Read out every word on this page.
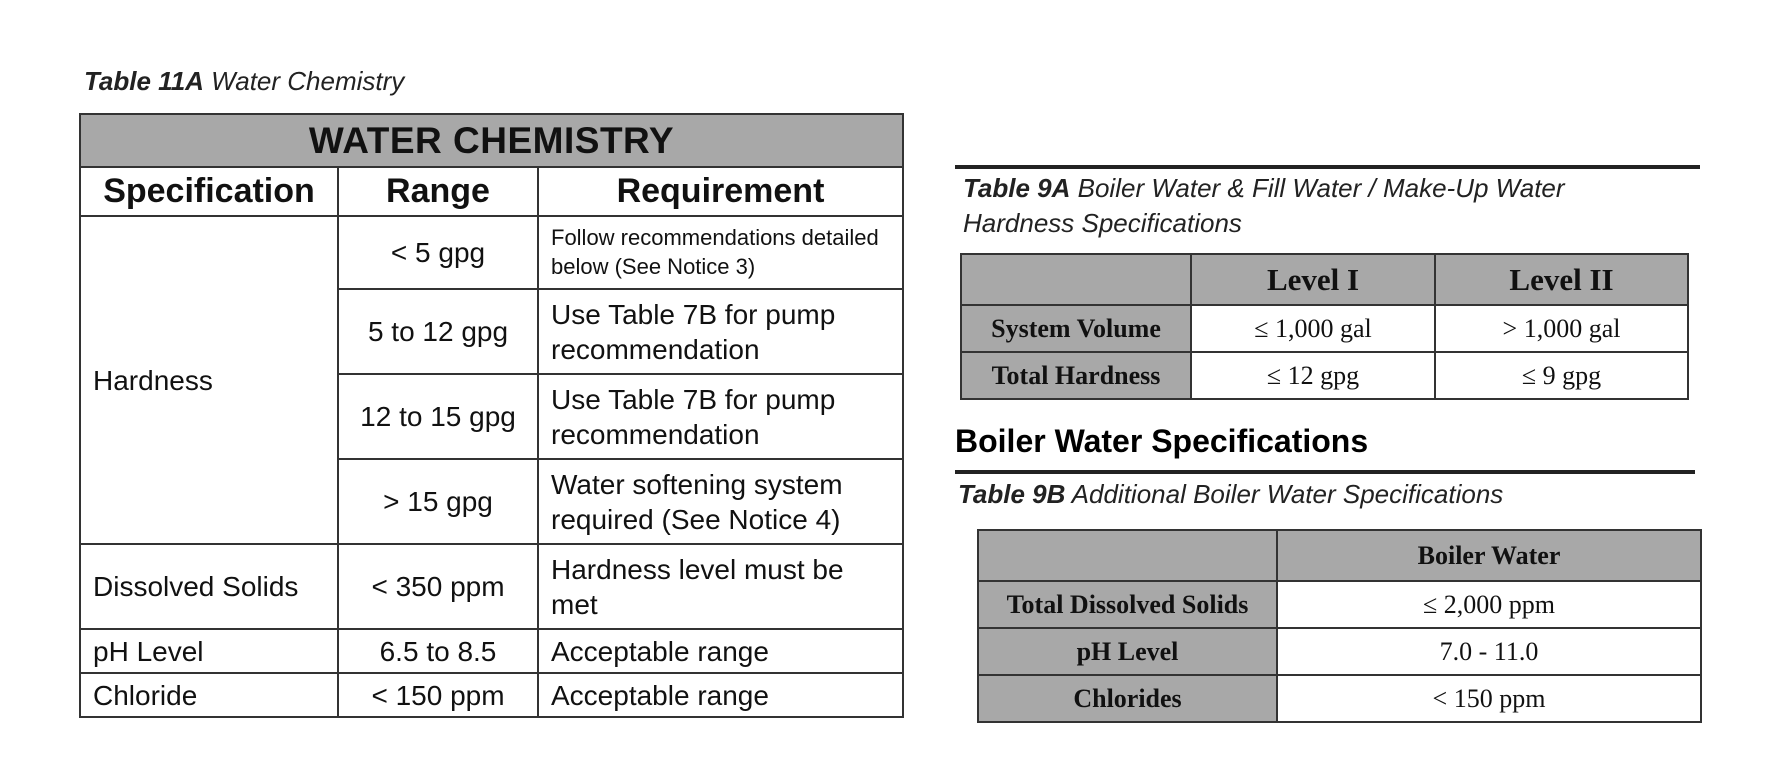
Table 11A Water Chemistry
WATER CHEMISTRY		
Specification	Range	Requirement
Hardness	< 5 gpg	Follow recommendations detailed below (See Notice 3)
	5 to 12 gpg	Use Table 7B for pump recommendation
	12 to 15 gpg	Use Table 7B for pump recommendation
	> 15 gpg	Water softening system required (See Notice 4)
Dissolved Solids	< 350 ppm	Hardness level must be met
pH Level	6.5 to 8.5	Acceptable range
Chloride	< 150 ppm	Acceptable range
Table 9A Boiler Water & Fill Water / Make-Up Water
Hardness Specifications
	Level I	Level II
System Volume	≤ 1,000 gal	> 1,000 gal
Total Hardness	≤ 12 gpg	≤ 9 gpg
Boiler Water Specifications
Table 9B Additional Boiler Water Specifications
	Boiler Water
Total Dissolved Solids	≤ 2,000 ppm
pH Level	7.0 - 11.0
Chlorides	< 150 ppm
